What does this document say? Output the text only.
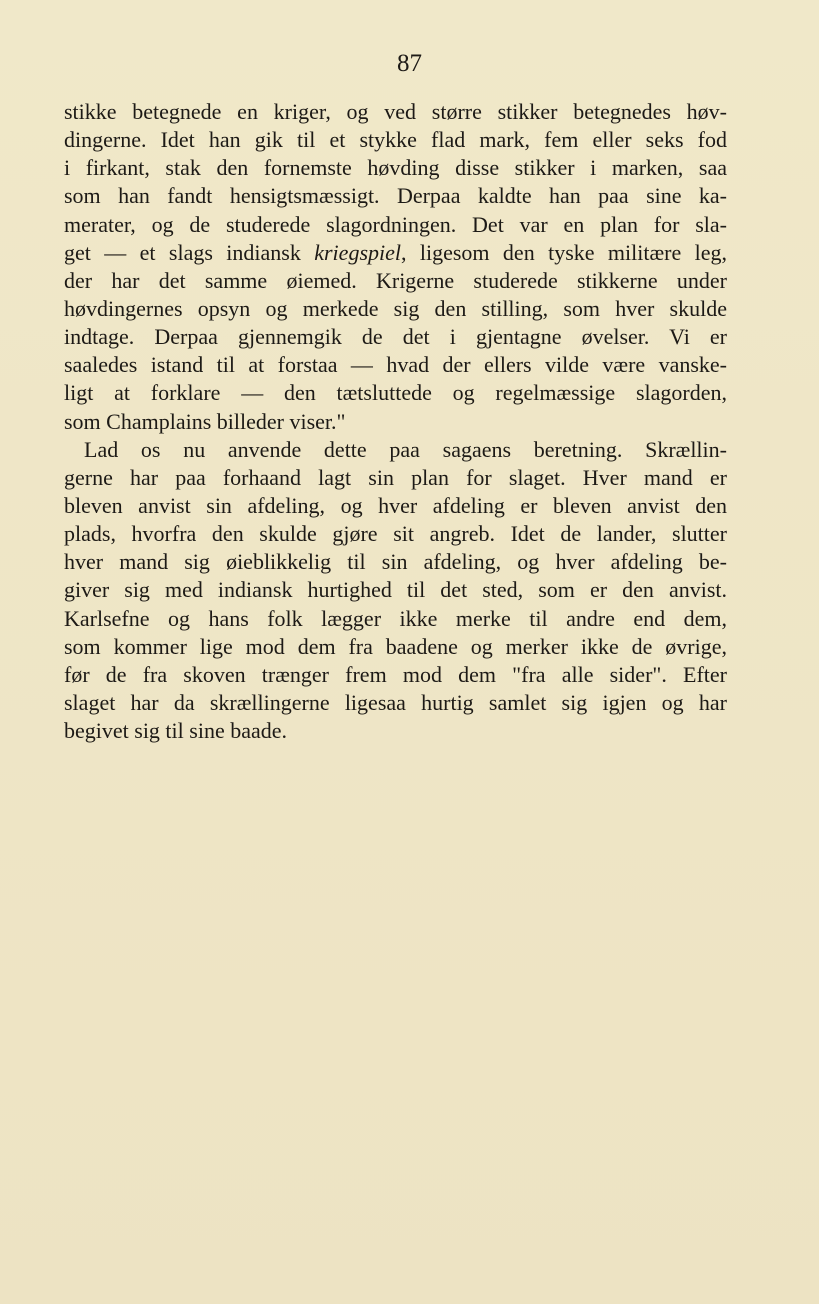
87
stikke betegnede en kriger, og ved større stikker betegnedes høv-
dingerne. Idet han gik til et stykke flad mark, fem eller seks fod
i firkant, stak den fornemste høvding disse stikker i marken, saa
som han fandt hensigtsmæssigt. Derpaa kaldte han paa sine ka-
merater, og de studerede slagordningen. Det var en plan for sla-
get — et slags indiansk kriegspiel, ligesom den tyske militære leg,
der har det samme øiemed. Krigerne studerede stikkerne under
høvdingernes opsyn og merkede sig den stilling, som hver skulde
indtage. Derpaa gjennemgik de det i gjentagne øvelser. Vi er
saaledes istand til at forstaa — hvad der ellers vilde være vanske-
ligt at forklare — den tætsluttede og regelmæssige slagorden,
som Champlains billeder viser."
Lad os nu anvende dette paa sagaens beretning. Skrællin-
gerne har paa forhaand lagt sin plan for slaget. Hver mand er
bleven anvist sin afdeling, og hver afdeling er bleven anvist den
plads, hvorfra den skulde gjøre sit angreb. Idet de lander, slutter
hver mand sig øieblikkelig til sin afdeling, og hver afdeling be-
giver sig med indiansk hurtighed til det sted, som er den anvist.
Karlsefne og hans folk lægger ikke merke til andre end dem,
som kommer lige mod dem fra baadene og merker ikke de øvrige,
før de fra skoven trænger frem mod dem "fra alle sider". Efter
slaget har da skrællingerne ligesaa hurtig samlet sig igjen og har
begivet sig til sine baade.
